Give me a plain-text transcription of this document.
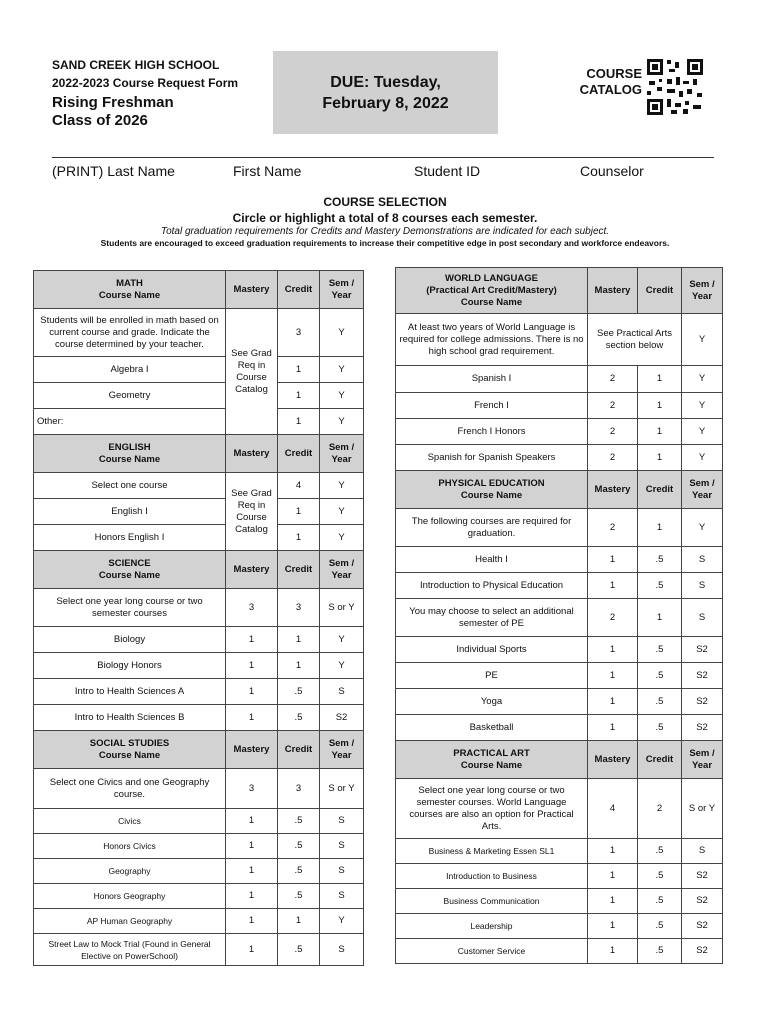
SAND CREEK HIGH SCHOOL
2022-2023 Course Request Form
Rising Freshman
Class of 2026
DUE: Tuesday,
February 8, 2022
COURSE
CATALOG
(PRINT) Last Name	First Name	Student ID	Counselor
COURSE SELECTION
Circle or highlight a total of 8 courses each semester.
Total graduation requirements for Credits and Mastery Demonstrations are indicated for each subject.
Students are encouraged to exceed graduation requirements to increase their competitive edge in post secondary and workforce endeavors.
MATH
Course Name	Mastery	Credit	Sem / Year
Students will be enrolled in math based on current course and grade. Indicate the course determined by your teacher.	See Grad Req in Course Catalog	3	Y
Algebra I		1	Y
Geometry		1	Y
Other:		1	Y
ENGLISH
Course Name	Mastery	Credit	Sem / Year
Select one course	See Grad Req in Course Catalog	4	Y
English I		1	Y
Honors English I		1	Y
SCIENCE
Course Name	Mastery	Credit	Sem / Year
Select one year long course or two semester courses	3	3	S or Y
Biology	1	1	Y
Biology Honors	1	1	Y
Intro to Health Sciences A	1	.5	S
Intro to Health Sciences B	1	.5	S2
SOCIAL STUDIES
Course Name	Mastery	Credit	Sem / Year
Select one Civics and one Geography course.	3	3	S or Y
Civics	1	.5	S
Honors Civics	1	.5	S
Geography	1	.5	S
Honors Geography	1	.5	S
AP Human Geography	1	1	Y
Street Law to Mock Trial (Found in General Elective on PowerSchool)	1	.5	S
WORLD LANGUAGE
(Practical Art Credit/Mastery)
Course Name	Mastery	Credit	Sem / Year
At least two years of World Language is required for college admissions. There is no high school grad requirement.	See Practical Arts section below		Y
Spanish I	2	1	Y
French I	2	1	Y
French I Honors	2	1	Y
Spanish for Spanish Speakers	2	1	Y
PHYSICAL EDUCATION
Course Name	Mastery	Credit	Sem / Year
The following courses are required for graduation.	2	1	Y
Health I	1	.5	S
Introduction to Physical Education	1	.5	S
You may choose to select an additional semester of PE	2	1	S
Individual Sports	1	.5	S2
PE	1	.5	S2
Yoga	1	.5	S2
Basketball	1	.5	S2
PRACTICAL ART
Course Name	Mastery	Credit	Sem / Year
Select one year long course or two semester courses. World Language courses are also an option for Practical Arts.	4	2	S or Y
Business & Marketing Essen SL1	1	.5	S
Introduction to Business	1	.5	S2
Business Communication	1	.5	S2
Leadership	1	.5	S2
Customer Service	1	.5	S2
